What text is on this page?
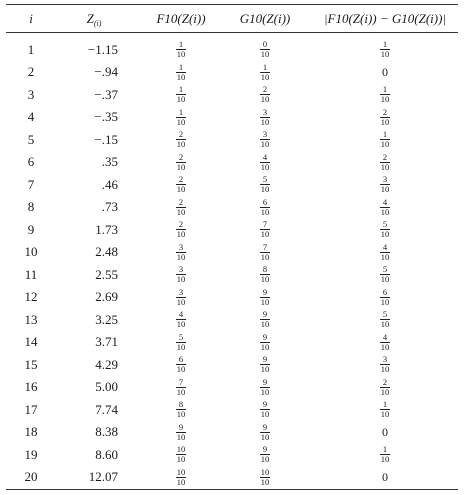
i	Z (i)	F10(Z(i))	G10(Z(i))	|F10(Z(i)) − G10(Z(i))|
1	−1.15	$\frac{1}{10}$	$\frac{0}{10}$	$\frac{1}{10}$
2	−.94	$\frac{1}{10}$	$\frac{1}{10}$	0
3	−.37	$\frac{1}{10}$	$\frac{2}{10}$	$\frac{1}{10}$
4	−.35	$\frac{1}{10}$	$\frac{3}{10}$	$\frac{2}{10}$
5	−.15	$\frac{2}{10}$	$\frac{3}{10}$	$\frac{1}{10}$
6	.35	$\frac{2}{10}$	$\frac{4}{10}$	$\frac{2}{10}$
7	.46	$\frac{2}{10}$	$\frac{5}{10}$	$\frac{3}{10}$
8	.73	$\frac{2}{10}$	$\frac{6}{10}$	$\frac{4}{10}$
9	1.73	$\frac{2}{10}$	$\frac{7}{10}$	$\frac{5}{10}$
10	2.48	$\frac{3}{10}$	$\frac{7}{10}$	$\frac{4}{10}$
11	2.55	$\frac{3}{10}$	$\frac{8}{10}$	$\frac{5}{10}$
12	2.69	$\frac{3}{10}$	$\frac{9}{10}$	$\frac{6}{10}$
13	3.25	$\frac{4}{10}$	$\frac{9}{10}$	$\frac{5}{10}$
14	3.71	$\frac{5}{10}$	$\frac{9}{10}$	$\frac{4}{10}$
15	4.29	$\frac{6}{10}$	$\frac{9}{10}$	$\frac{3}{10}$
16	5.00	$\frac{7}{10}$	$\frac{9}{10}$	$\frac{2}{10}$
17	7.74	$\frac{8}{10}$	$\frac{9}{10}$	$\frac{1}{10}$
18	8.38	$\frac{9}{10}$	$\frac{9}{10}$	0
19	8.60	$\frac{10}{10}$	$\frac{9}{10}$	$\frac{1}{10}$
20	12.07	$\frac{10}{10}$	$\frac{10}{10}$	0
